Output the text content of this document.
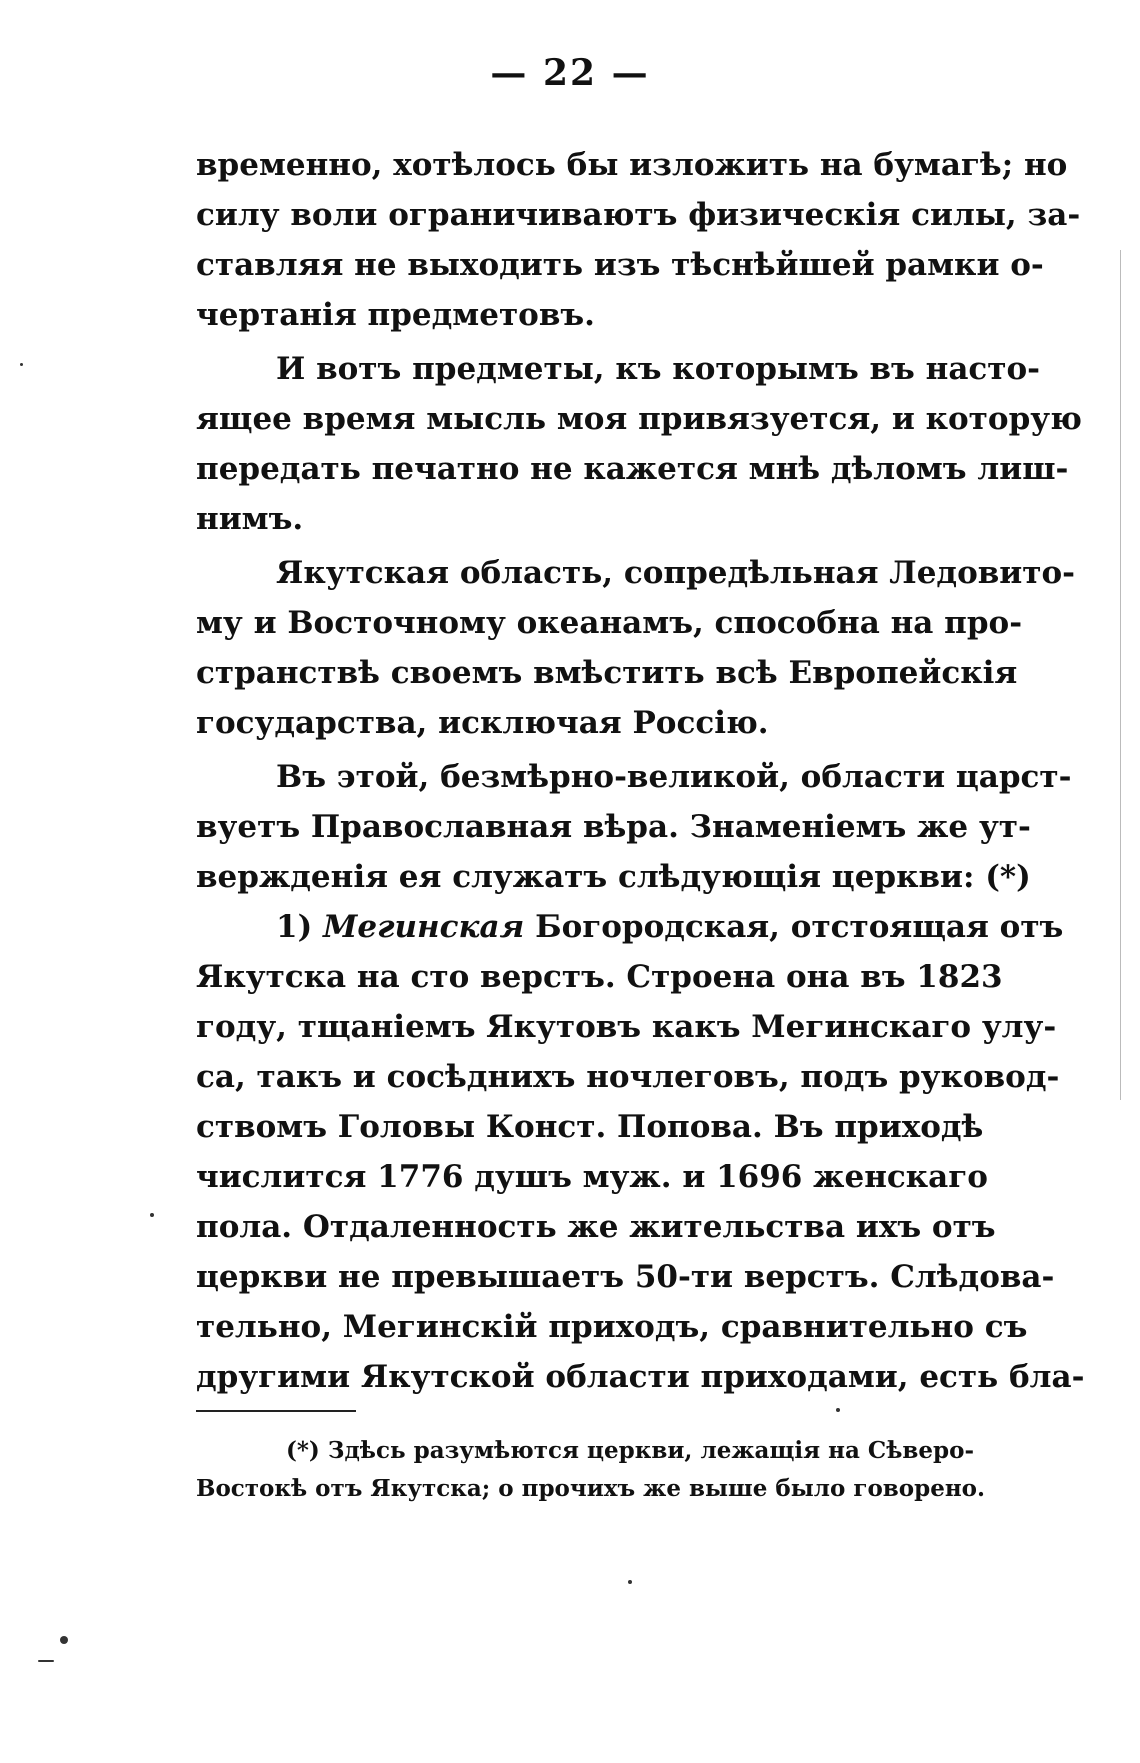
— 22 —
временно, хотѣлось бы изложить на бумагѣ; но
силу воли ограничиваютъ физическія силы, за-
ставляя не выходить изъ тѣснѣйшей рамки о-
чертанія предметовъ.
И вотъ предметы, къ которымъ въ насто-
ящее время мысль моя привязуется, и которую
передать печатно не кажется мнѣ дѣломъ лиш-
нимъ.
Якутская область, сопредѣльная Ледовито-
му и Восточному океанамъ, способна на про-
странствѣ своемъ вмѣстить всѣ Европейскія
государства, исключая Россію.
Въ этой, безмѣрно-великой, области царст-
вуетъ Православная вѣра. Знаменіемъ же ут-
вержденія ея служатъ слѣдующія церкви: (*)
1) Мегинская Богородская, отстоящая отъ
Якутска на сто верстъ. Строена она въ 1823
году, тщаніемъ Якутовъ какъ Мегинскаго улу-
са, такъ и сосѣднихъ ночлеговъ, подъ руковод-
ствомъ Головы Конст. Попова. Въ приходѣ
числится 1776 душъ муж. и 1696 женскаго
пола. Отдаленность же жительства ихъ отъ
церкви не превышаетъ 50-ти верстъ. Слѣдова-
тельно, Мегинскій приходъ, сравнительно съ
другими Якутской области приходами, есть бла-
(*) Здѣсь разумѣются церкви, лежащія на Сѣверо-
Востокѣ отъ Якутска; о прочихъ же выше было говорено.
